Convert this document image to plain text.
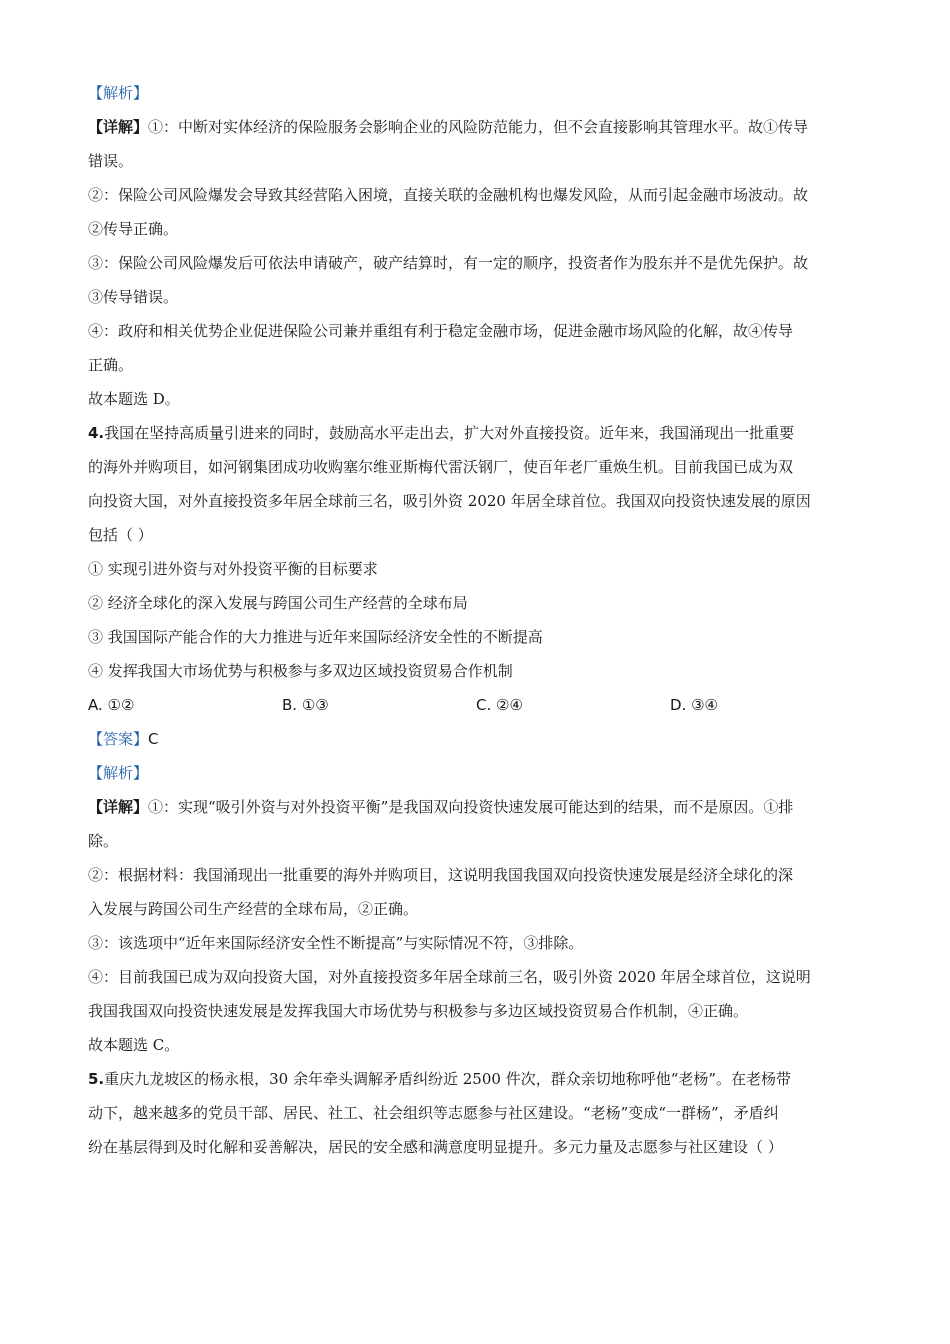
【解析】
【详解】①：中断对实体经济的保险服务会影响企业的风险防范能力，但不会直接影响其管理水平。故①传导
错误。
②：保险公司风险爆发会导致其经营陷入困境，直接关联的金融机构也爆发风险，从而引起金融市场波动。故
②传导正确。
③：保险公司风险爆发后可依法申请破产，破产结算时，有一定的顺序，投资者作为股东并不是优先保护。故
③传导错误。
④：政府和相关优势企业促进保险公司兼并重组有利于稳定金融市场，促进金融市场风险的化解，故④传导
正确。
故本题选 D。
4.我国在坚持高质量引进来的同时，鼓励高水平走出去，扩大对外直接投资。近年来，我国涌现出一批重要
的海外并购项目，如河钢集团成功收购塞尔维亚斯梅代雷沃钢厂，使百年老厂重焕生机。目前我国已成为双
向投资大国，对外直接投资多年居全球前三名，吸引外资 2020 年居全球首位。我国双向投资快速发展的原因
包括（ ）
① 实现引进外资与对外投资平衡的目标要求
② 经济全球化的深入发展与跨国公司生产经营的全球布局
③ 我国国际产能合作的大力推进与近年来国际经济安全性的不断提高
④ 发挥我国大市场优势与积极参与多双边区域投资贸易合作机制
A. ①②	B. ①③	C. ②④	D. ③④
【答案】C
【解析】
【详解】①：实现“吸引外资与对外投资平衡”是我国双向投资快速发展可能达到的结果，而不是原因。①排
除。
②：根据材料：我国涌现出一批重要的海外并购项目，这说明我国我国双向投资快速发展是经济全球化的深
入发展与跨国公司生产经营的全球布局，②正确。
③：该选项中“近年来国际经济安全性不断提高”与实际情况不符，③排除。
④：目前我国已成为双向投资大国，对外直接投资多年居全球前三名，吸引外资 2020 年居全球首位，这说明
我国我国双向投资快速发展是发挥我国大市场优势与积极参与多边区域投资贸易合作机制，④正确。
故本题选 C。
5.重庆九龙坡区的杨永根，30 余年牵头调解矛盾纠纷近 2500 件次，群众亲切地称呼他“老杨”。在老杨带
动下，越来越多的党员干部、居民、社工、社会组织等志愿参与社区建设。“老杨”变成“一群杨”，矛盾纠
纷在基层得到及时化解和妥善解决，居民的安全感和满意度明显提升。多元力量及志愿参与社区建设（ ）
